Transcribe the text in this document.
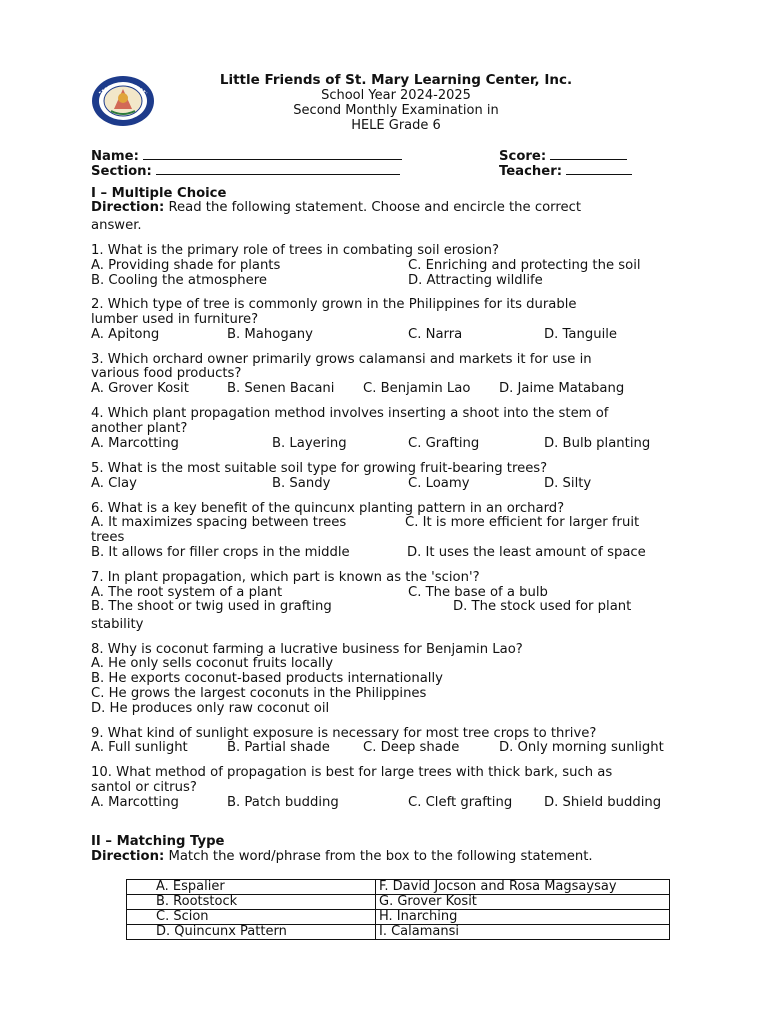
Little Friends of St. Mary Learning Center, Inc.
School Year 2024-2025
Second Monthly Examination in
HELE Grade 6
Name:	Score:
Section:	Teacher:
I – Multiple Choice
Direction: Read the following statement. Choose and encircle the correct
answer.
1. What is the primary role of trees in combating soil erosion?
A. Providing shade for plants	C. Enriching and protecting the soil
B. Cooling the atmosphere	D. Attracting wildlife
2. Which type of tree is commonly grown in the Philippines for its durable
lumber used in furniture?
A. Apitong	B. Mahogany	C. Narra	D. Tanguile
3. Which orchard owner primarily grows calamansi and markets it for use in
various food products?
A. Grover Kosit	B. Senen Bacani C. Benjamin Lao D. Jaime Matabang
4. Which plant propagation method involves inserting a shoot into the stem of
another plant?
A. Marcotting	B. Layering	C. Grafting	D. Bulb planting
5. What is the most suitable soil type for growing fruit-bearing trees?
A. Clay	B. Sandy	C. Loamy	D. Silty
6. What is a key benefit of the quincunx planting pattern in an orchard?
A. It maximizes spacing between trees	C. It is more efficient for larger fruit
trees
B. It allows for filler crops in the middle	D. It uses the least amount of space
7. In plant propagation, which part is known as the 'scion'?
A. The root system of a plant	C. The base of a bulb
B. The shoot or twig used in grafting	D. The stock used for plant
stability
8. Why is coconut farming a lucrative business for Benjamin Lao?
A. He only sells coconut fruits locally
B. He exports coconut-based products internationally
C. He grows the largest coconuts in the Philippines
D. He produces only raw coconut oil
9. What kind of sunlight exposure is necessary for most tree crops to thrive?
A. Full sunlight	B. Partial shade	C. Deep shade	D. Only morning sunlight
10. What method of propagation is best for large trees with thick bark, such as
santol or citrus?
A. Marcotting	B. Patch budding	C. Cleft grafting D. Shield budding
II – Matching Type
Direction: Match the word/phrase from the box to the following statement.
A. Espalier	F. David Jocson and Rosa Magsaysay
B. Rootstock	G. Grover Kosit
C. Scion	H. Inarching
D. Quincunx Pattern	I. Calamansi
